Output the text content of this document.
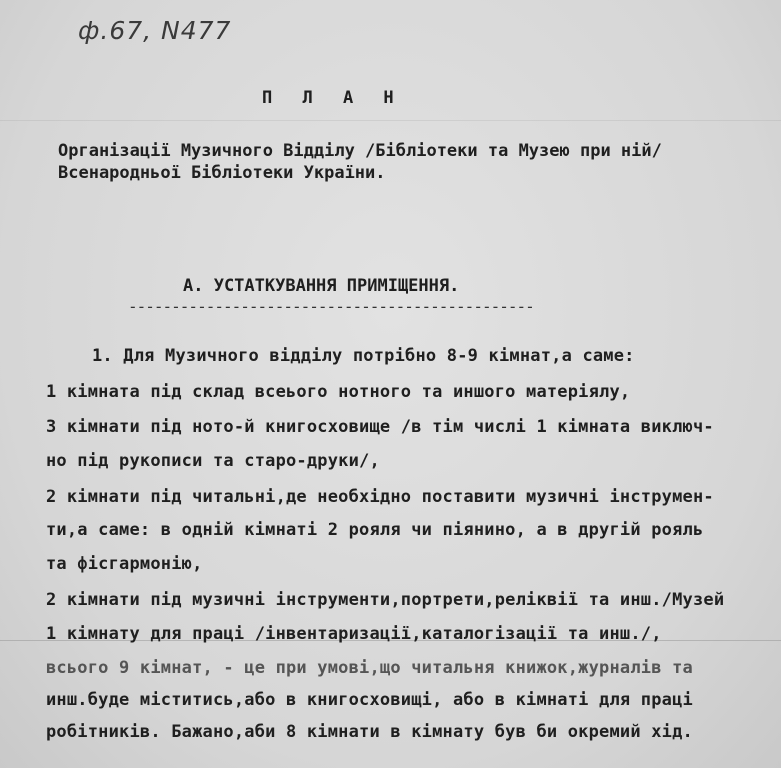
ф.67, N477
П Л А Н
Організації Музичного Відділу /Бібліотеки та Музею при ній/
Всенародньої Бібліотеки України.
А. УСТАТКУВАННЯ ПРИМІЩЕННЯ.
-----------------------------------------------
1. Для Музичного відділу потрібно 8-9 кімнат,а саме:
1 кімната під склад всеього нотного та иншого матеріялу,
3 кімнати під ното-й книгосховище /в тім числі 1 кімната виключ-
но під рукописи та старо-друки/,
2 кімнати під читальні,де необхідно поставити музичні інструмен-
ти,а саме: в одній кімнаті 2 рояля чи піянино, а в другій рояль
та фісгармонію,
2 кімнати під музичні інструменти,портрети,реліквії та инш./Музей
1 кімнату для праці /інвентаризації,каталогізації та инш./,
всього 9 кімнат, - це при умові,що читальня книжок,журналів та
инш.буде міститись,або в книгосховищі, або в кімнаті для праці
робітників. Бажано,аби 8 кімнати в кімнату був би окремий хід.
